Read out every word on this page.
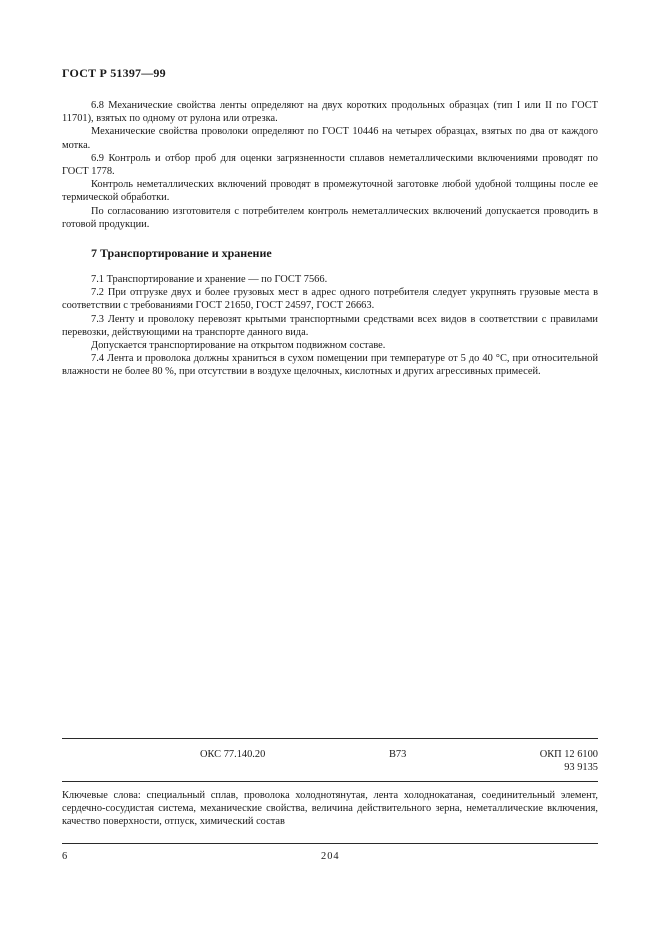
ГОСТ Р 51397—99

6.8 Механические свойства ленты определяют на двух коротких продольных образцах (тип I или II по ГОСТ 11701), взятых по одному от рулона или отрезка.

Механические свойства проволоки определяют по ГОСТ 10446 на четырех образцах, взятых по два от каждого мотка.

6.9 Контроль и отбор проб для оценки загрязненности сплавов неметаллическими включениями проводят по ГОСТ 1778.

Контроль неметаллических включений проводят в промежуточной заготовке любой удобной толщины после ее термической обработки.

По согласованию изготовителя с потребителем контроль неметаллических включений допускается проводить в готовой продукции.

7 Транспортирование и хранение

7.1 Транспортирование и хранение — по ГОСТ 7566.

7.2 При отгрузке двух и более грузовых мест в адрес одного потребителя следует укрупнять грузовые места в соответствии с требованиями ГОСТ 21650, ГОСТ 24597, ГОСТ 26663.

7.3 Ленту и проволоку перевозят крытыми транспортными средствами всех видов в соответствии с правилами перевозки, действующими на транспорте данного вида.

Допускается транспортирование на открытом подвижном составе.

7.4 Лента и проволока должны храниться в сухом помещении при температуре от 5 до 40 °С, при относительной влажности не более 80 %, при отсутствии в воздухе щелочных, кислотных и других агрессивных примесей.

ОКС 77.140.20	В73	ОКП 12 6100
93 9135

Ключевые слова: специальный сплав, проволока холоднотянутая, лента холоднокатаная, соединительный элемент, сердечно-сосудистая система, механические свойства, величина действительного зерна, неметаллические включения, качество поверхности, отпуск, химический состав

6	204
